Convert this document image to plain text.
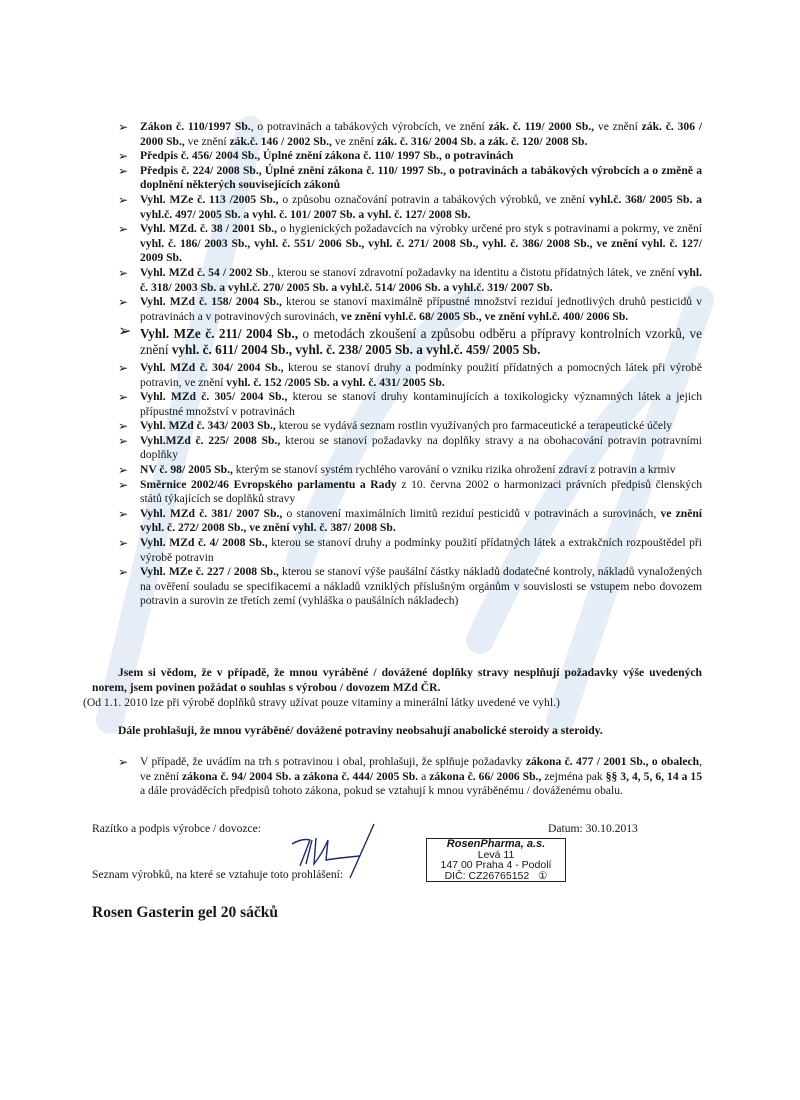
➢ Zákon č. 110/1997 Sb., o potravinách a tabákových výrobcích, ve znění zák. č. 119/ 2000 Sb., ve znění zák. č. 306 / 2000 Sb., ve znění zák.č. 146 / 2002 Sb., ve znění zák. č. 316/ 2004 Sb. a zák. č. 120/ 2008 Sb.
➢ Předpis č. 456/ 2004 Sb., Úplné znění zákona č. 110/ 1997 Sb., o potravinách
➢ Předpis č. 224/ 2008 Sb., Úplné znění zákona č. 110/ 1997 Sb., o potravinách a tabákových výrobcích a o změně a doplnění některých souvisejících zákonů
➢ Vyhl. MZe č. 113 /2005 Sb., o způsobu označování potravin a tabákových výrobků, ve znění vyhl.č. 368/ 2005 Sb. a vyhl.č. 497/ 2005 Sb. a vyhl. č. 101/ 2007 Sb. a vyhl. č. 127/ 2008 Sb.
➢ Vyhl. MZd. č. 38 / 2001 Sb., o hygienických požadavcích na výrobky určené pro styk s potravinami a pokrmy, ve znění vyhl. č. 186/ 2003 Sb., vyhl. č. 551/ 2006 Sb., vyhl. č. 271/ 2008 Sb., vyhl. č. 386/ 2008 Sb., ve znění vyhl. č. 127/ 2009 Sb.
➢ Vyhl. MZd č. 54 / 2002 Sb., kterou se stanoví zdravotní požadavky na identitu a čistotu přídatných látek, ve znění vyhl. č. 318/ 2003 Sb. a vyhl.č. 270/ 2005 Sb. a vyhl.č. 514/ 2006 Sb. a vyhl.č. 319/ 2007 Sb.
➢ Vyhl. MZd č. 158/ 2004 Sb., kterou se stanoví maximálně přípustné množství reziduí jednotlivých druhů pesticidů v potravinách a v potravinových surovinách, ve znění vyhl.č. 68/ 2005 Sb., ve znění vyhl.č. 400/ 2006 Sb.
➢ Vyhl. MZe č. 211/ 2004 Sb., o metodách zkoušení a způsobu odběru a přípravy kontrolních vzorků, ve znění vyhl. č. 611/ 2004 Sb., vyhl. č. 238/ 2005 Sb. a vyhl.č. 459/ 2005 Sb.
➢ Vyhl. MZd č. 304/ 2004 Sb., kterou se stanoví druhy a podmínky použití přídatných a pomocných látek při výrobě potravin, ve znění vyhl. č. 152 /2005 Sb. a vyhl. č. 431/ 2005 Sb.
➢ Vyhl. MZd č. 305/ 2004 Sb., kterou se stanoví druhy kontaminujících a toxikologicky významných látek a jejich přípustné množství v potravinách
➢ Vyhl. MZd č. 343/ 2003 Sb., kterou se vydává seznam rostlin využívaných pro farmaceutické a terapeutické účely
➢ Vyhl.MZd č. 225/ 2008 Sb., kterou se stanoví požadavky na doplňky stravy a na obohacování potravin potravními doplňky
➢ NV č. 98/ 2005 Sb., kterým se stanoví systém rychlého varování o vzniku rizika ohrožení zdraví z potravin a krmiv
➢ Směrnice 2002/46 Evropského parlamentu a Rady z 10. června 2002 o harmonizaci právních předpisů členských států týkajících se doplňků stravy
➢ Vyhl. MZd č. 381/ 2007 Sb., o stanovení maximálních limitů reziduí pesticidů v potravinách a surovinách, ve znění vyhl. č. 272/ 2008 Sb., ve znění vyhl. č. 387/ 2008 Sb.
➢ Vyhl. MZd č. 4/ 2008 Sb., kterou se stanoví druhy a podmínky použití přídatných látek a extrakčních rozpouštědel při výrobě potravin
➢ Vyhl. MZe č. 227 / 2008 Sb., kterou se stanoví výše paušální částky nákladů dodatečné kontroly, nákladů vynaložených na ověření souladu se specifikacemi a nákladů vzniklých příslušným orgánům v souvislosti se vstupem nebo dovozem potravin a surovin ze třetích zemí (vyhláška o paušálních nákladech)
Jsem si vědom, že v případě, že mnou vyráběné / dovážené doplňky stravy nesplňují požadavky výše uvedených norem, jsem povinen požádat o souhlas s výrobou / dovozem MZd ČR.
(Od 1.1. 2010 lze při výrobě doplňků stravy užívat pouze vitamíny a minerální látky uvedené ve vyhl.)
Dále prohlašuji, že mnou vyráběné/ dovážené potraviny neobsahují anabolické steroidy a steroidy.
➢ V případě, že uvádím na trh s potravinou i obal, prohlašuji, že splňuje požadavky zákona č. 477 / 2001 Sb., o obalech, ve znění zákona č. 94/ 2004 Sb. a zákona č. 444/ 2005 Sb. a zákona č. 66/ 2006 Sb., zejména pak §§ 3, 4, 5, 6, 14 a 15 a dále prováděcích předpisů tohoto zákona, pokud se vztahují k mnou vyráběnému / dováženému obalu.
Razítko a podpis výrobce / dovozce:	Datum: 30.10.2013
Seznam výrobků, na které se vztahuje toto prohlášení:
RosenPharma, a.s.
Levá 11
147 00 Praha 4 - Podolí
DIČ: CZ26765152 ①
Rosen Gasterin gel 20 sáčků
